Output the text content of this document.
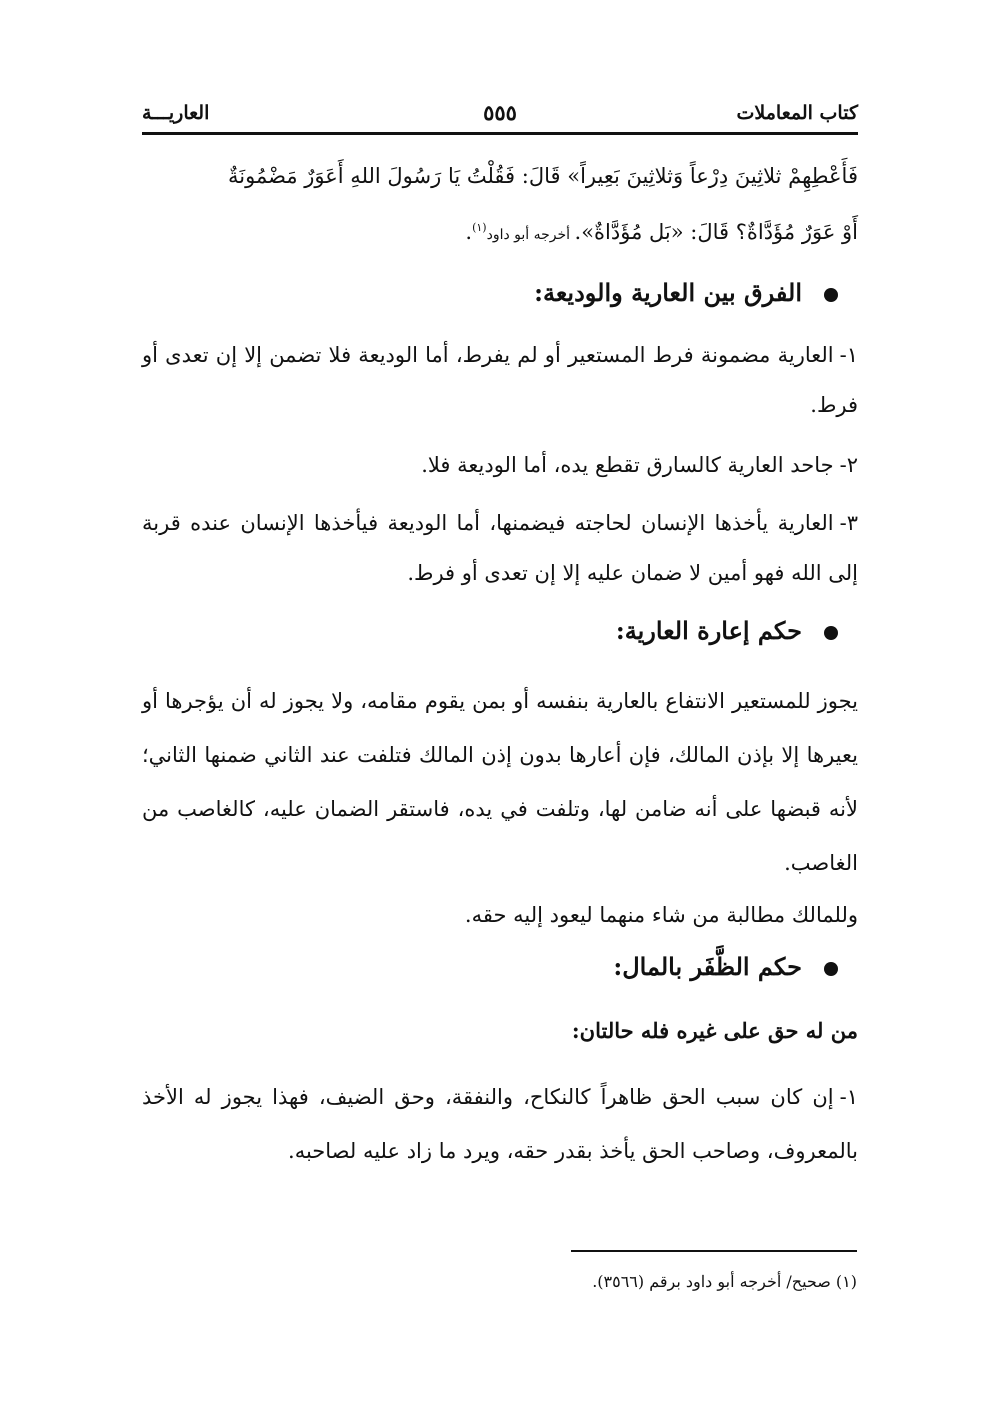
كتاب المعاملات
٥٥٥
العاريـــة
فَأَعْطِهِمْ ثلاثِينَ دِرْعاً وَثلاثِينَ بَعِيراً» قَالَ: فَقُلْتُ يَا رَسُولَ اللهِ أَعَوَرٌ مَضْمُونَةٌ
أَوْ عَوَرٌ مُؤَدَّاةٌ؟ قَالَ: «بَل مُؤَدَّاةٌ». أخرجه أبو داود$^{(١)}$.
الفرق بين العارية والوديعة:
١-العارية مضمونة فرط المستعير أو لم يفرط، أما الوديعة فلا تضمن إلا إن تعدى أو فرط.
٢-جاحد العارية كالسارق تقطع يده، أما الوديعة فلا.
٣-العارية يأخذها الإنسان لحاجته فيضمنها، أما الوديعة فيأخذها الإنسان عنده قربة إلى الله فهو أمين لا ضمان عليه إلا إن تعدى أو فرط.
حكم إعارة العارية:
يجوز للمستعير الانتفاع بالعارية بنفسه أو بمن يقوم مقامه، ولا يجوز له أن يؤجرها أو يعيرها إلا بإذن المالك، فإن أعارها بدون إذن المالك فتلفت عند الثاني ضمنها الثاني؛ لأنه قبضها على أنه ضامن لها، وتلفت في يده، فاستقر الضمان عليه، كالغاصب من الغاصب.
وللمالك مطالبة من شاء منهما ليعود إليه حقه.
حكم الظَّفَر بالمال:
من له حق على غيره فله حالتان:
١-إن كان سبب الحق ظاهراً كالنكاح، والنفقة، وحق الضيف، فهذا يجوز له الأخذ بالمعروف، وصاحب الحق يأخذ بقدر حقه، ويرد ما زاد عليه لصاحبه.
(١) صحيح/ أخرجه أبو داود برقم (٣٥٦٦).
